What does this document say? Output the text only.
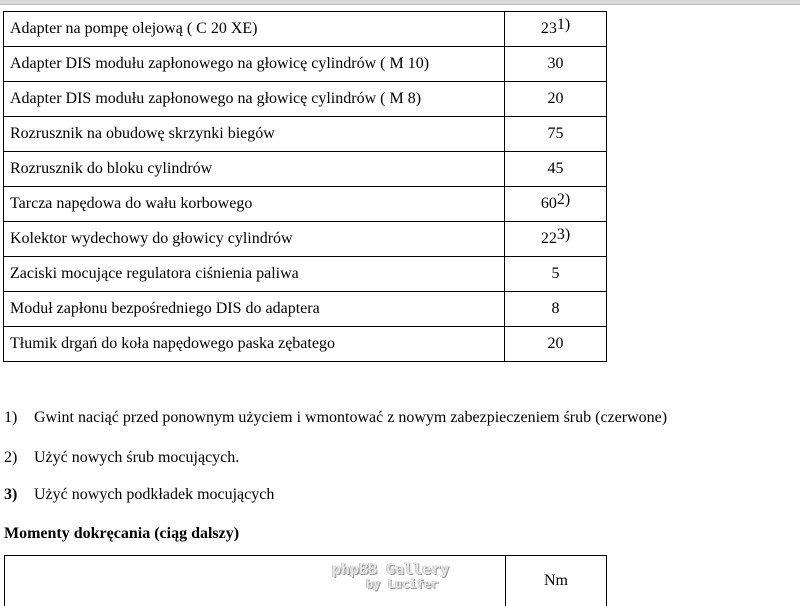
Adapter na pompę olejową ( C 20 XE)	23$^{1)}$
Adapter DIS modułu zapłonowego na głowicę cylindrów ( M 10)	30
Adapter DIS modułu zapłonowego na głowicę cylindrów ( M 8)	20
Rozrusznik na obudowę skrzynki biegów	75
Rozrusznik do bloku cylindrów	45
Tarcza napędowa do wału korbowego	60$^{2)}$
Kolektor wydechowy do głowicy cylindrów	22$^{3)}$
Zaciski mocujące regulatora ciśnienia paliwa	5
Moduł zapłonu bezpośredniego DIS do adaptera	8
Tłumik drgań do koła napędowego paska zębatego	20
1) Gwint naciąć przed ponownym użyciem i wmontować z nowym zabezpieczeniem śrub (czerwone)
2) Użyć nowych śrub mocujących.
3) Użyć nowych podkładek mocujących
Momenty dokręcania (ciąg dalszy)
phpBB Gallery
by Lucifer	Nm
